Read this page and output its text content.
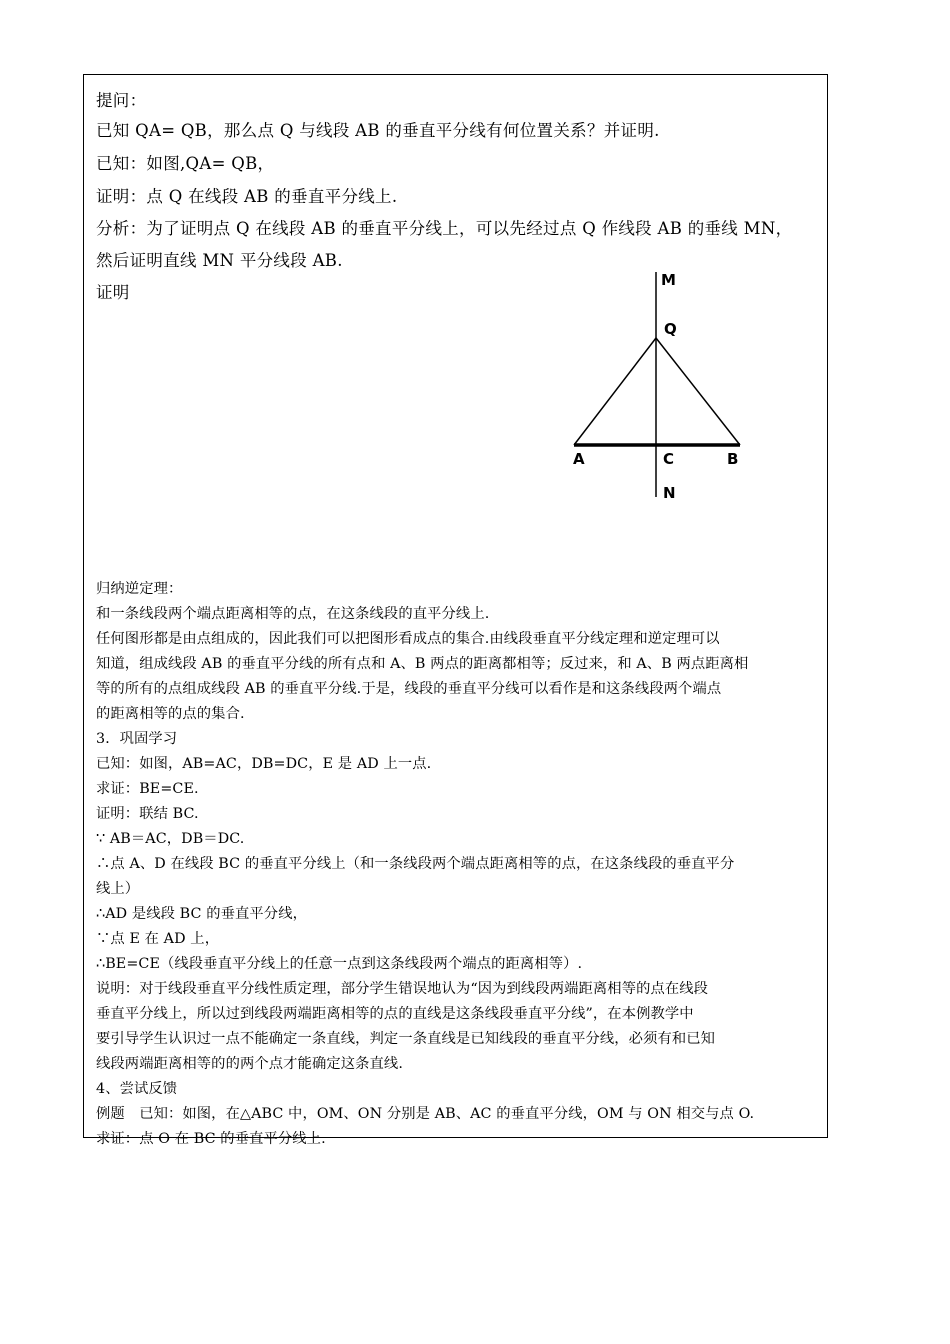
提问：
已知 QA= QB，那么点 Q 与线段 AB 的垂直平分线有何位置关系？并证明.
已知：如图,QA= QB，
证明：点 Q 在线段 AB 的垂直平分线上.
分析：为了证明点 Q 在线段 AB 的垂直平分线上，可以先经过点 Q 作线段 AB 的垂线 MN，
然后证明直线 MN 平分线段 AB.
证明
M
Q
A	C	B
N
归纳逆定理：
和一条线段两个端点距离相等的点，在这条线段的直平分线上.
任何图形都是由点组成的，因此我们可以把图形看成点的集合.由线段垂直平分线定理和逆定理可以
知道，组成线段 AB 的垂直平分线的所有点和 A、B 两点的距离都相等；反过来，和 A、B 两点距离相
等的所有的点组成线段 AB 的垂直平分线.于是，线段的垂直平分线可以看作是和这条线段两个端点
的距离相等的点的集合.
3．巩固学习
已知：如图，AB=AC，DB=DC，E 是 AD 上一点.
求证：BE=CE.
证明：联结 BC.
∵ AB＝AC，DB＝DC.
∴点 A、D 在线段 BC 的垂直平分线上（和一条线段两个端点距离相等的点，在这条线段的垂直平分
线上）
∴AD 是线段 BC 的垂直平分线，
∵点 E 在 AD 上，
∴BE=CE（线段垂直平分线上的任意一点到这条线段两个端点的距离相等）.
说明：对于线段垂直平分线性质定理，部分学生错误地认为“因为到线段两端距离相等的点在线段
垂直平分线上，所以过到线段两端距离相等的点的直线是这条线段垂直平分线”，在本例教学中
要引导学生认识过一点不能确定一条直线，判定一条直线是已知线段的垂直平分线，必须有和已知
线段两端距离相等的的两个点才能确定这条直线.
4、尝试反馈
例题　已知：如图，在△ABC 中，OM、ON 分别是 AB、AC 的垂直平分线，OM 与 ON 相交与点 O.
求证：点 O 在 BC 的垂直平分线上.
